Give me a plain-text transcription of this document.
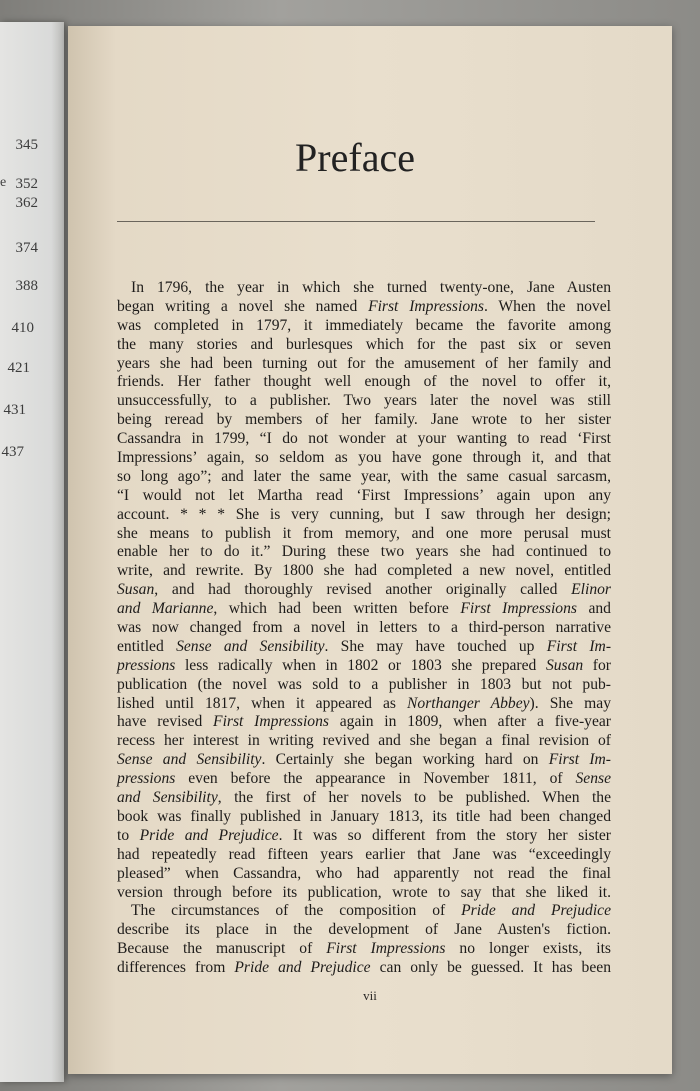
e
345
352
362
374
388
410
421
431
437
Preface
In 1796, the year in which she turned twenty-one, Jane Austen
began writing a novel she named First Impressions. When the novel
was completed in 1797, it immediately became the favorite among
the many stories and burlesques which for the past six or seven
years she had been turning out for the amusement of her family and
friends. Her father thought well enough of the novel to offer it,
unsuccessfully, to a publisher. Two years later the novel was still
being reread by members of her family. Jane wrote to her sister
Cassandra in 1799, “I do not wonder at your wanting to read ‘First
Impressions’ again, so seldom as you have gone through it, and that
so long ago”; and later the same year, with the same casual sarcasm,
“I would not let Martha read ‘First Impressions’ again upon any
account. * * * She is very cunning, but I saw through her design;
she means to publish it from memory, and one more perusal must
enable her to do it.” During these two years she had continued to
write, and rewrite. By 1800 she had completed a new novel, entitled
Susan, and had thoroughly revised another originally called Elinor
and Marianne, which had been written before First Impressions and
was now changed from a novel in letters to a third-person narrative
entitled Sense and Sensibility. She may have touched up First Im-
pressions less radically when in 1802 or 1803 she prepared Susan for
publication (the novel was sold to a publisher in 1803 but not pub-
lished until 1817, when it appeared as Northanger Abbey). She may
have revised First Impressions again in 1809, when after a five-year
recess her interest in writing revived and she began a final revision of
Sense and Sensibility. Certainly she began working hard on First Im-
pressions even before the appearance in November 1811, of Sense
and Sensibility, the first of her novels to be published. When the
book was finally published in January 1813, its title had been changed
to Pride and Prejudice. It was so different from the story her sister
had repeatedly read fifteen years earlier that Jane was “exceedingly
pleased” when Cassandra, who had apparently not read the final
version through before its publication, wrote to say that she liked it.
The circumstances of the composition of Pride and Prejudice
describe its place in the development of Jane Austen's fiction.
Because the manuscript of First Impressions no longer exists, its
differences from Pride and Prejudice can only be guessed. It has been
vii
